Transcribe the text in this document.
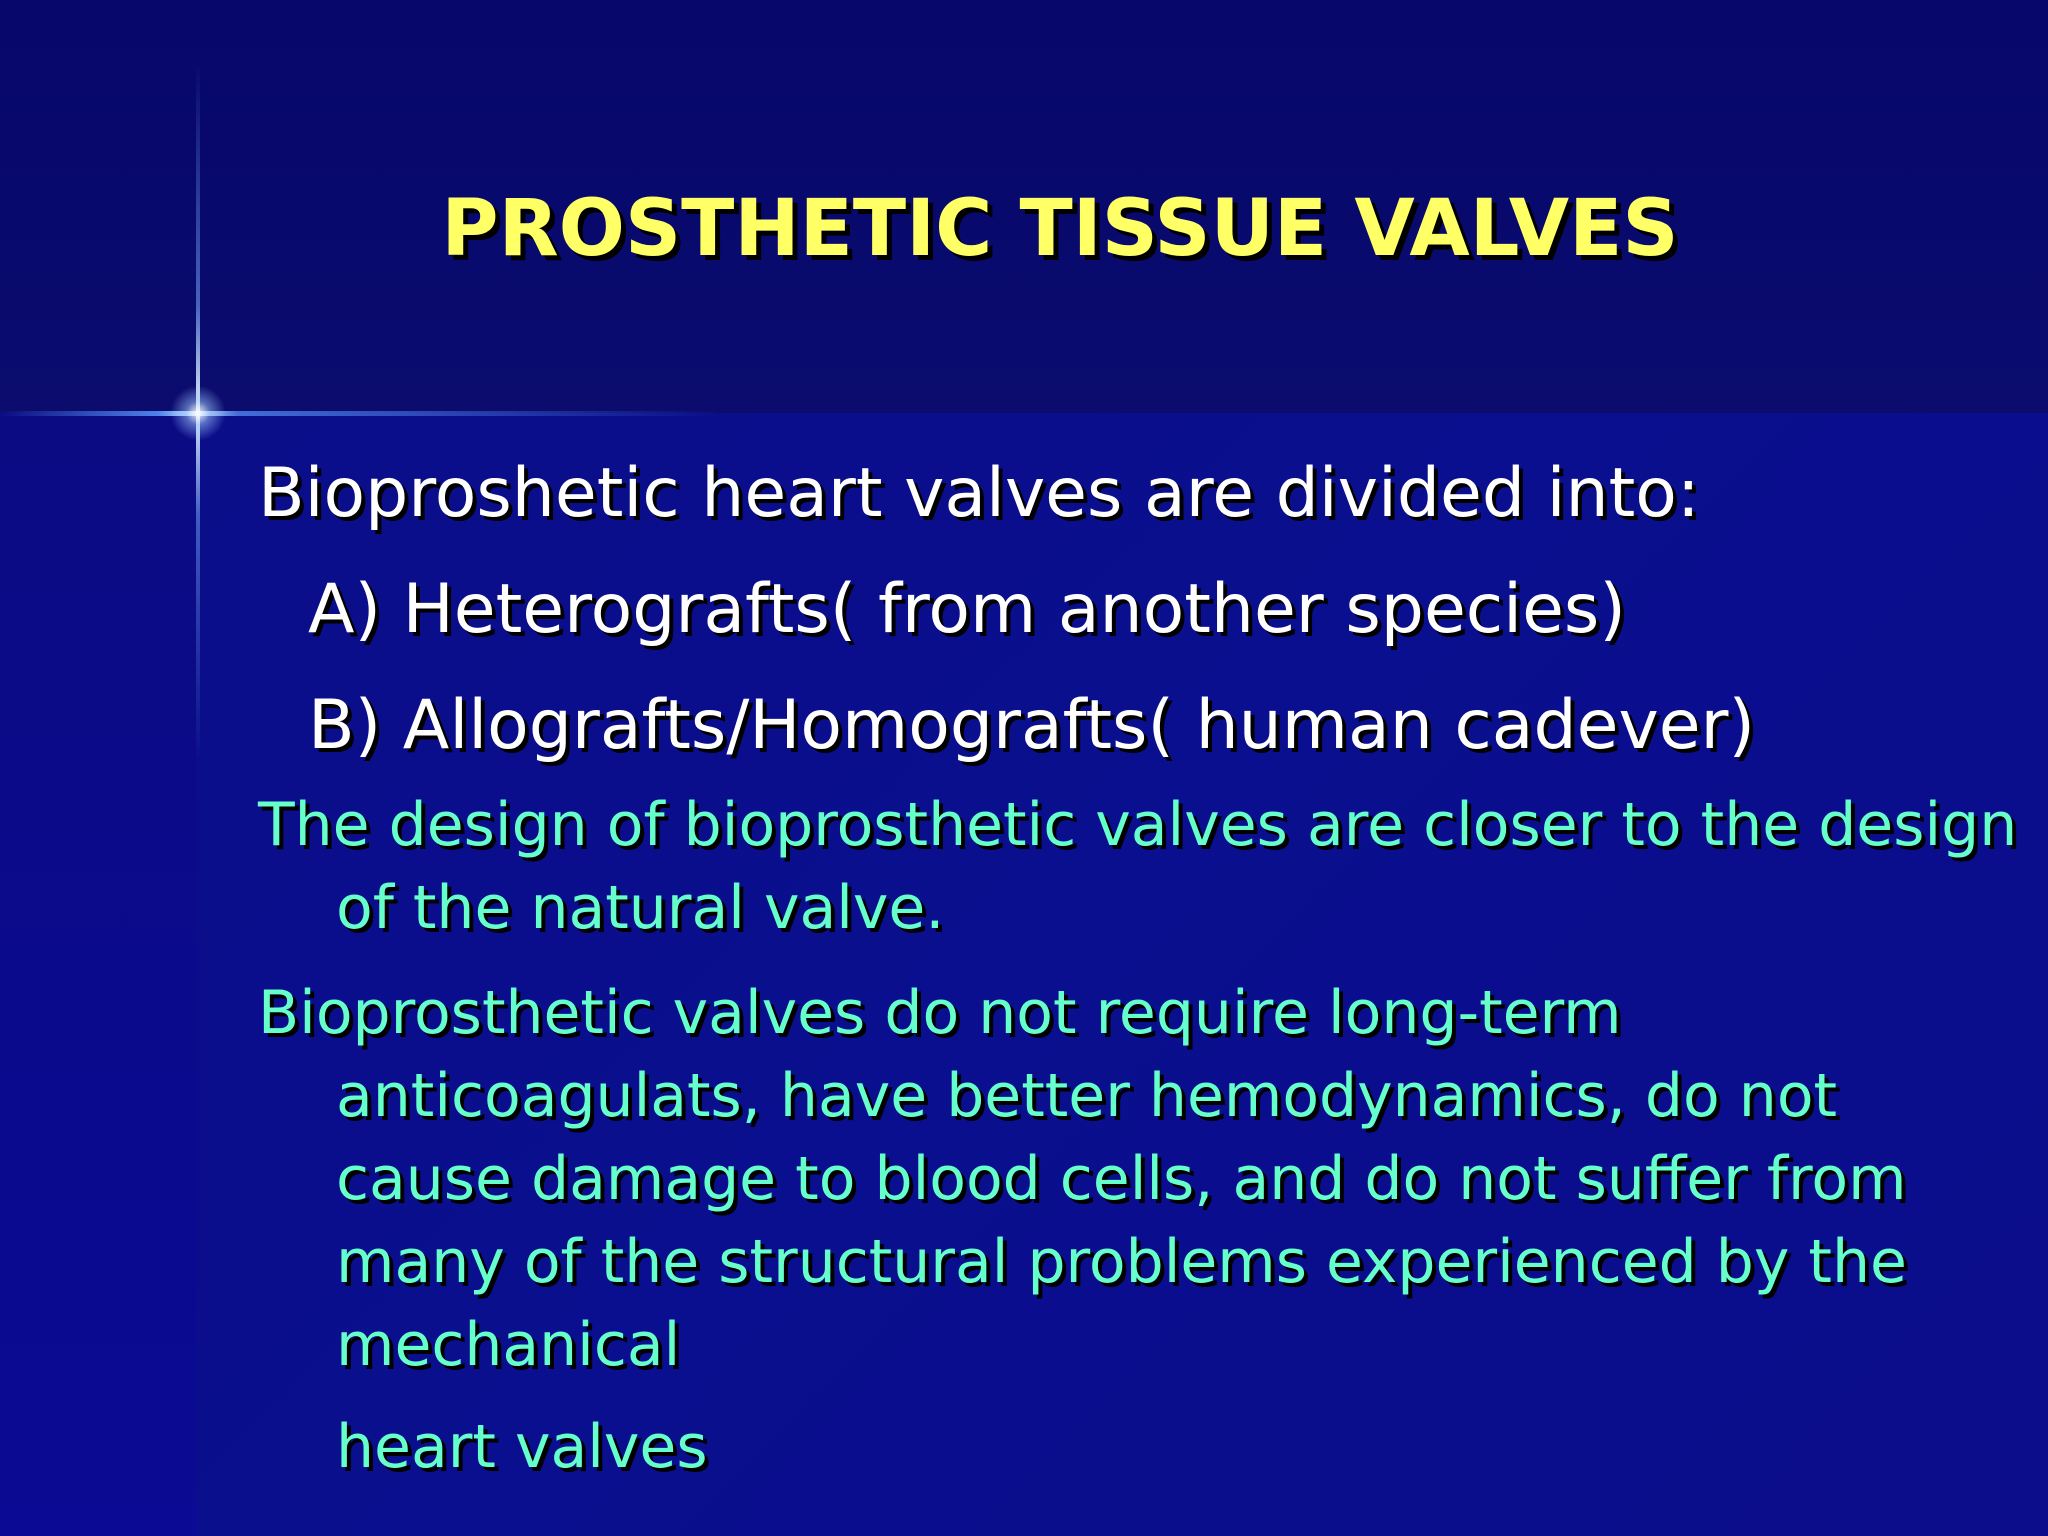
PROSTHETIC TISSUE VALVES

Bioproshetic heart valves are divided into:

A) Heterografts( from another species)

B) Allografts/Homografts( human cadever)

The design of bioprosthetic valves are closer to the design of the natural valve.

Bioprosthetic valves do not require long-term anticoagulats, have better hemodynamics, do not cause damage to blood cells, and do not suffer from many of the structural problems experienced by the mechanical

heart valves
